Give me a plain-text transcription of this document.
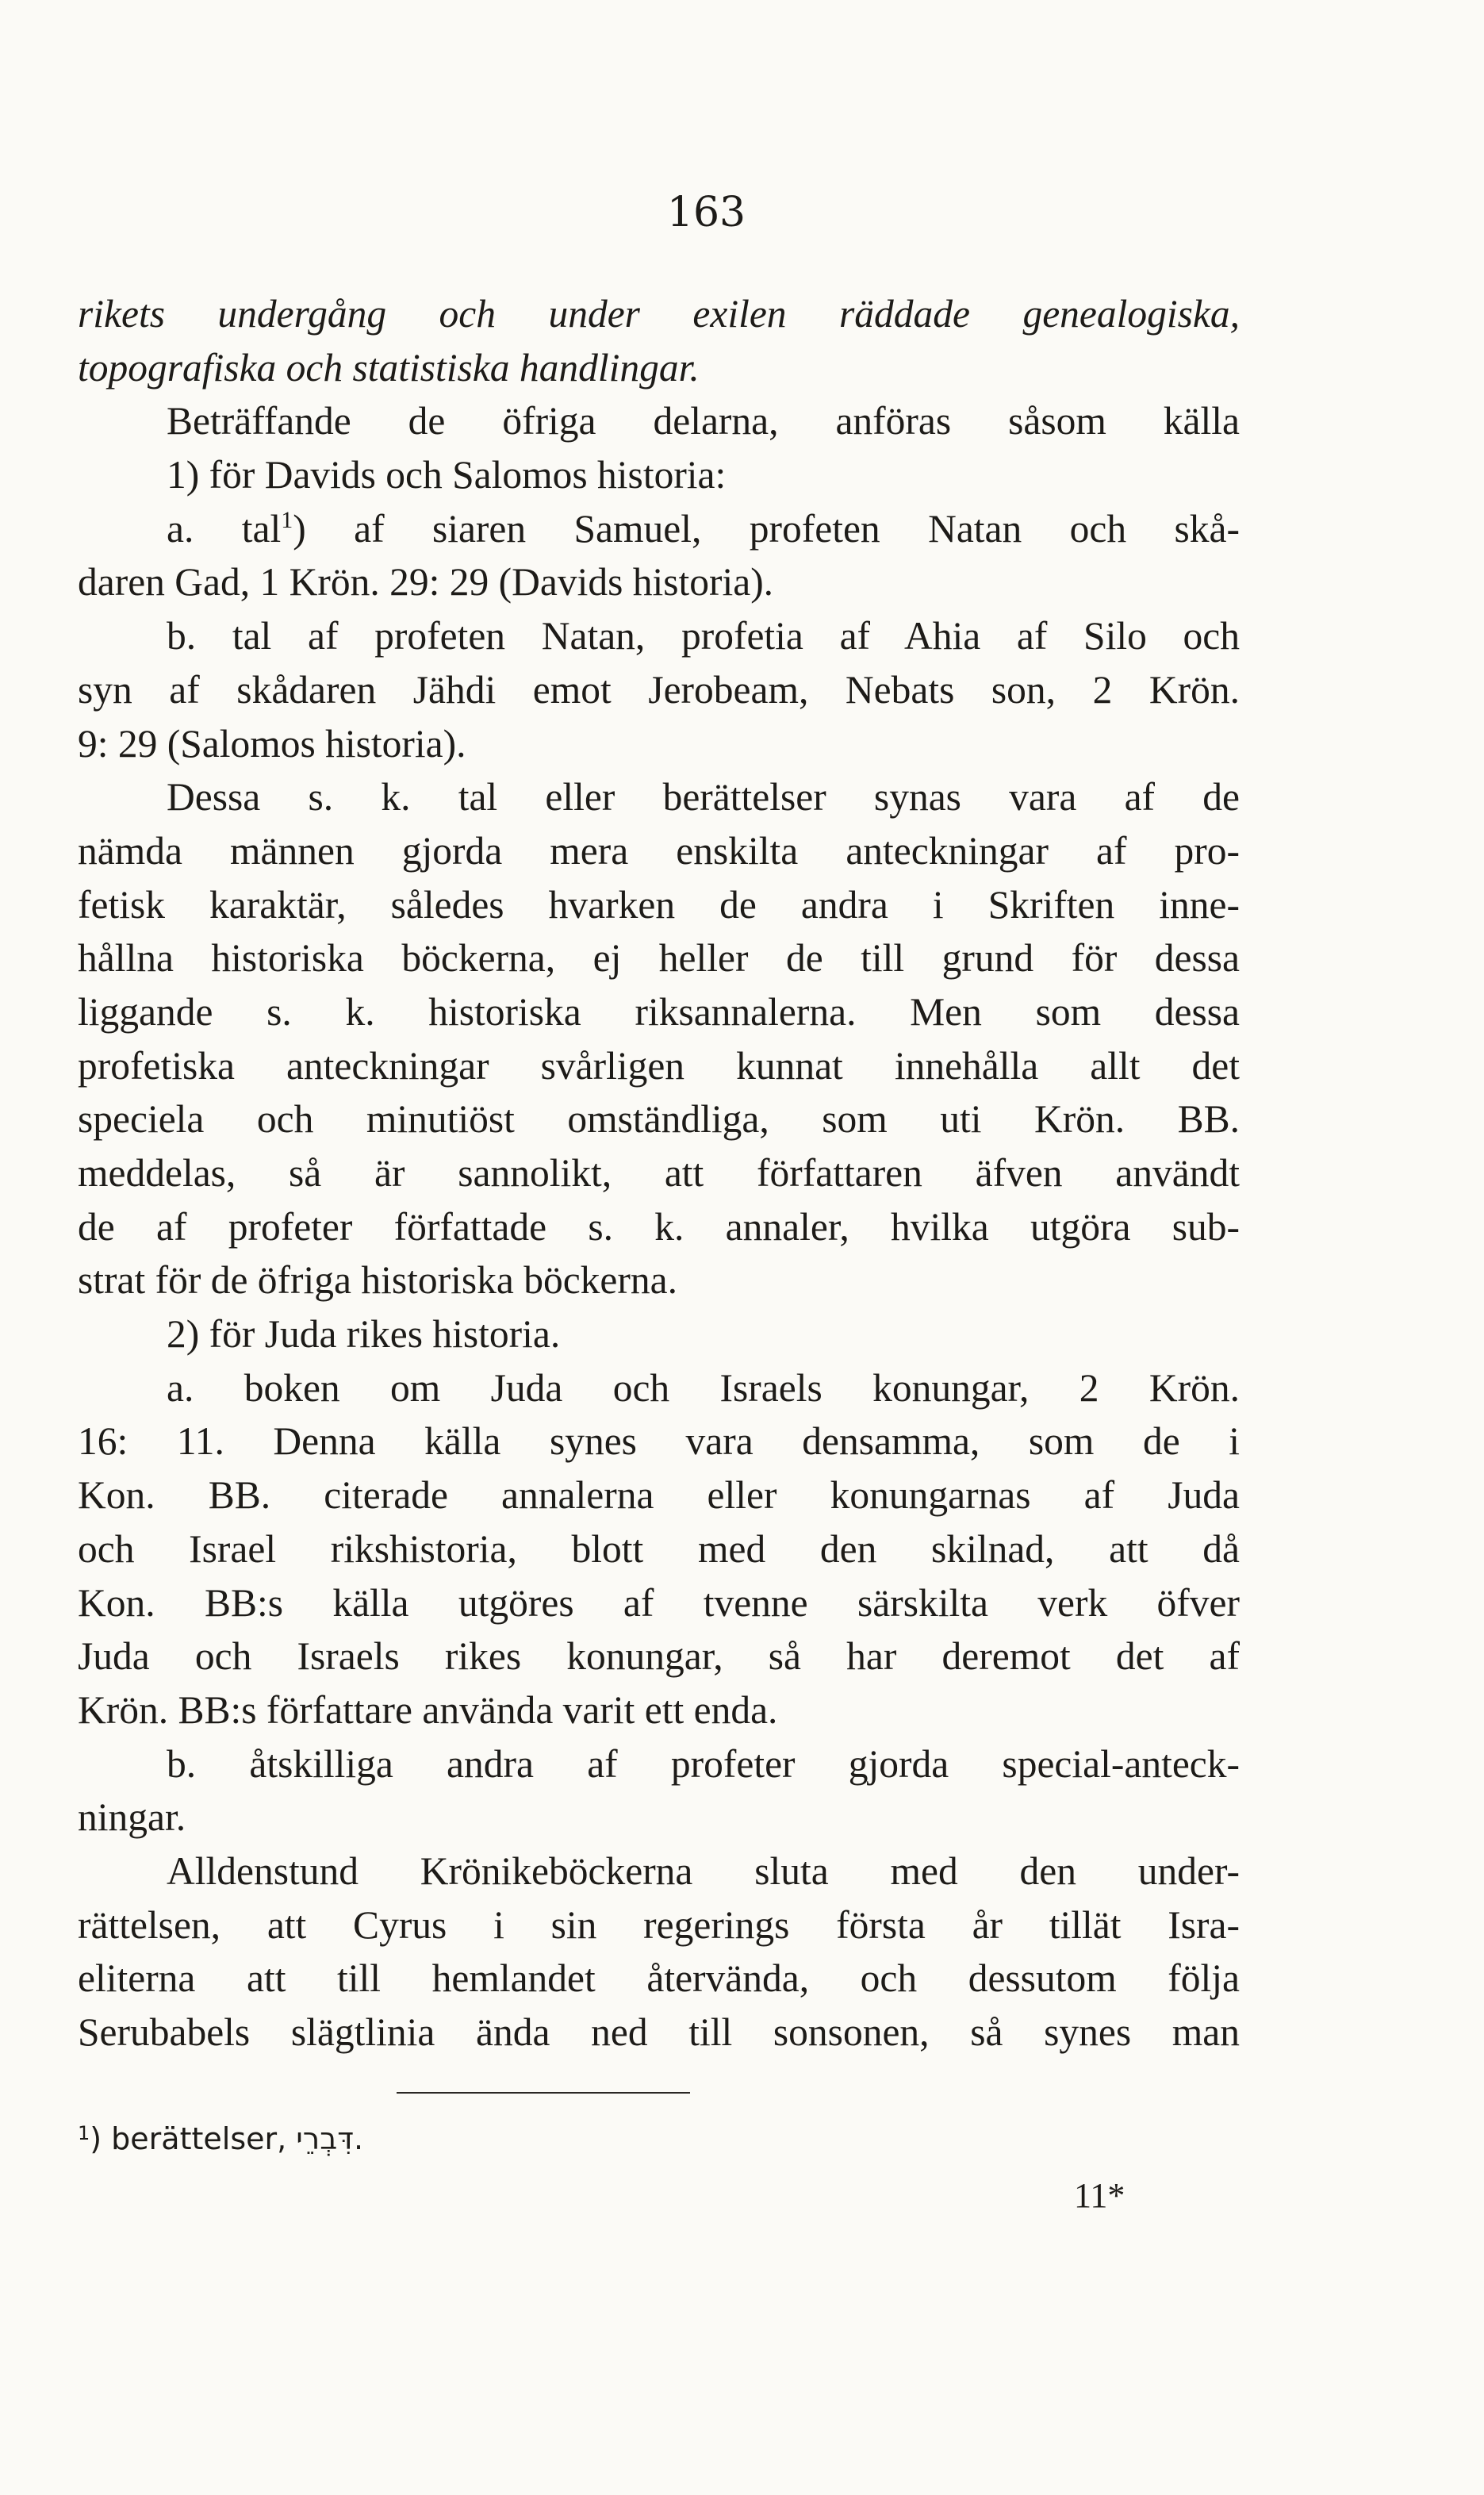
163
rikets undergång och under exilen räddade genealogiska,
topografiska och statistiska handlingar.
Beträffande de öfriga delarna, anföras såsom källa
1) för Davids och Salomos historia:
a. tal$^1$) af siaren Samuel, profeten Natan och skå-
daren Gad, 1 Krön. 29: 29 (Davids historia).
b. tal af profeten Natan, profetia af Ahia af Silo och
syn af skådaren Jähdi emot Jerobeam, Nebats son, 2 Krön.
9: 29 (Salomos historia).
Dessa s. k. tal eller berättelser synas vara af de
nämda männen gjorda mera enskilta anteckningar af pro-
fetisk karaktär, således hvarken de andra i Skriften inne-
hållna historiska böckerna, ej heller de till grund för dessa
liggande s. k. historiska riksannalerna. Men som dessa
profetiska anteckningar svårligen kunnat innehålla allt det
speciela och minutiöst omständliga, som uti Krön. BB.
meddelas, så är sannolikt, att författaren äfven användt
de af profeter författade s. k. annaler, hvilka utgöra sub-
strat för de öfriga historiska böckerna.
2) för Juda rikes historia.
a. boken om Juda och Israels konungar, 2 Krön.
16: 11. Denna källa synes vara densamma, som de i
Kon. BB. citerade annalerna eller konungarnas af Juda
och Israel rikshistoria, blott med den skilnad, att då
Kon. BB:s källa utgöres af tvenne särskilta verk öfver
Juda och Israels rikes konungar, så har deremot det af
Krön. BB:s författare använda varit ett enda.
b. åtskilliga andra af profeter gjorda special-anteck-
ningar.
Alldenstund Krönikeböckerna sluta med den under-
rättelsen, att Cyrus i sin regerings första år tillät Isra-
eliterna att till hemlandet återvända, och dessutom följa
Serubabels slägtlinia ända ned till sonsonen, så synes man
$^1$) berättelser, דִּבְרֵי.
11*
